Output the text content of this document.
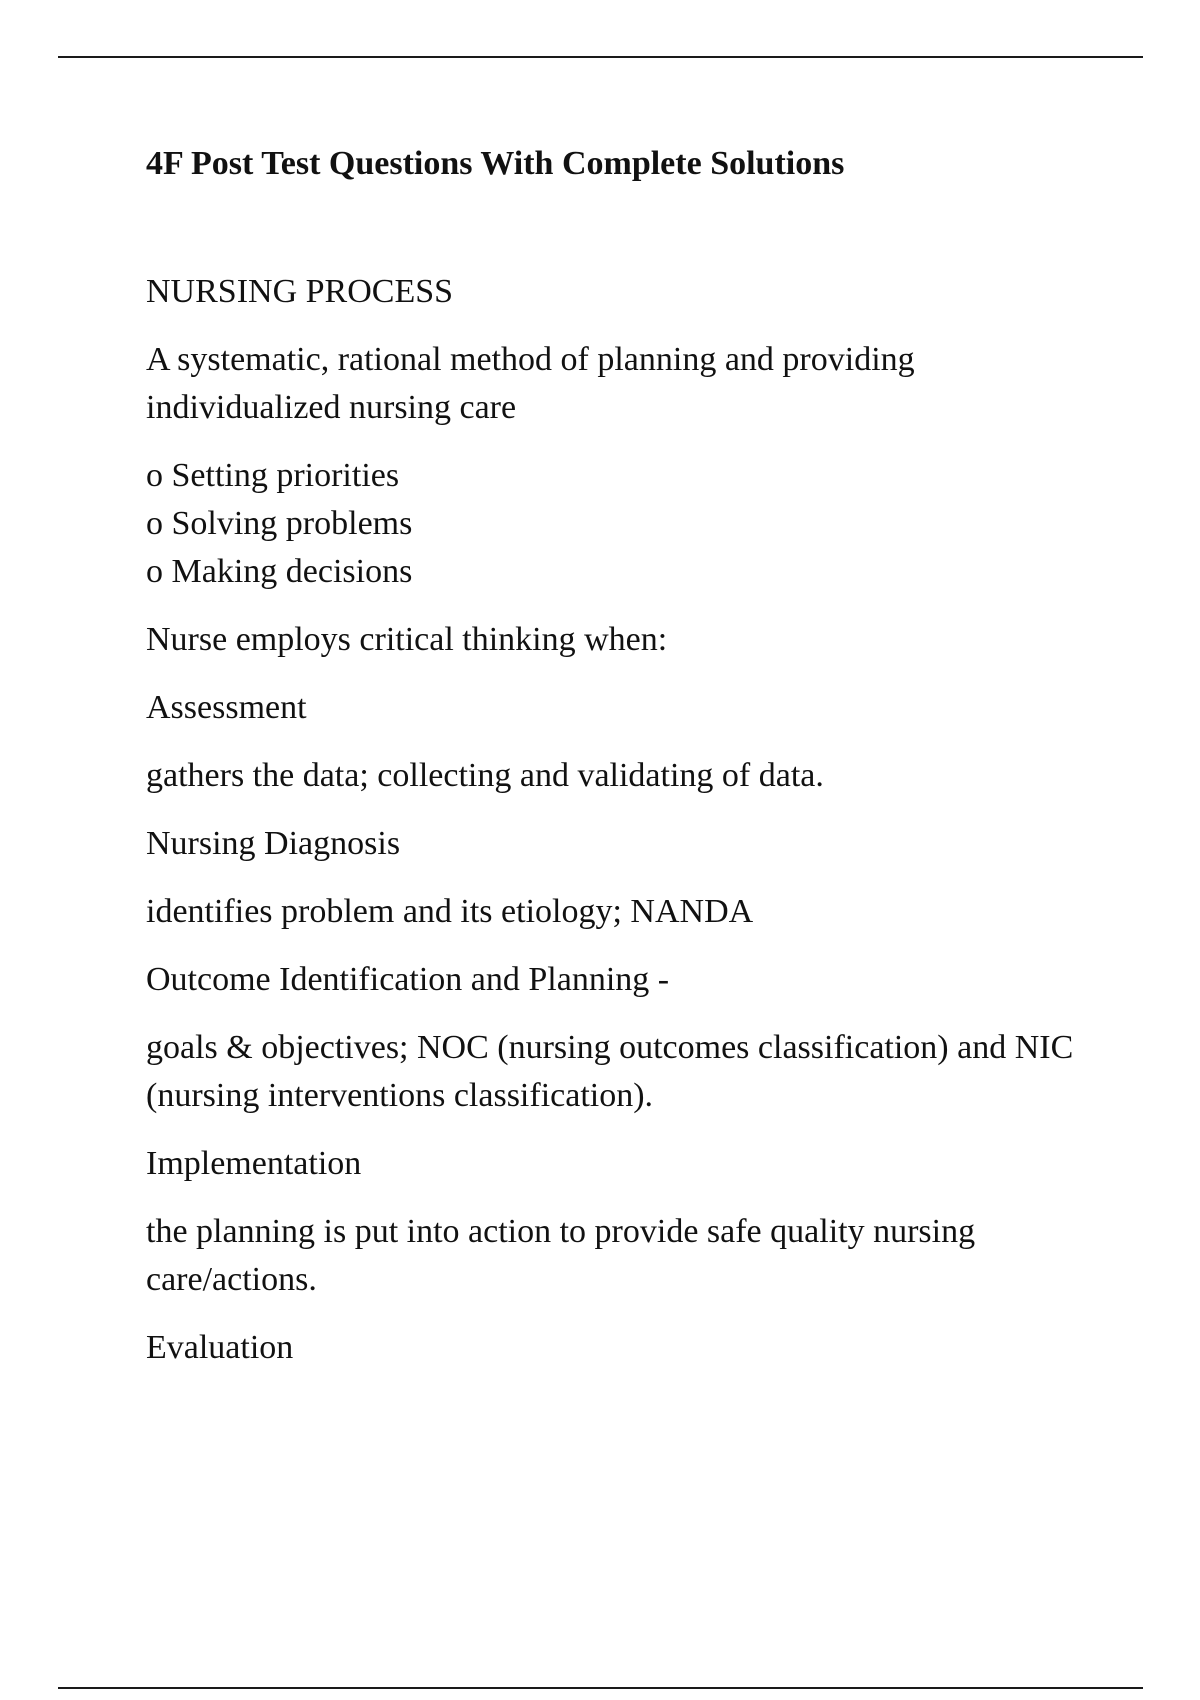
4F Post Test Questions With Complete Solutions

NURSING PROCESS

A systematic, rational method of planning and providing individualized nursing care

o Setting priorities
o Solving problems
o Making decisions

Nurse employs critical thinking when:

Assessment

gathers the data; collecting and validating of data.

Nursing Diagnosis

identifies problem and its etiology; NANDA

Outcome Identification and Planning -

goals & objectives; NOC (nursing outcomes classification) and NIC (nursing interventions classification).

Implementation

the planning is put into action to provide safe quality nursing care/actions.

Evaluation
